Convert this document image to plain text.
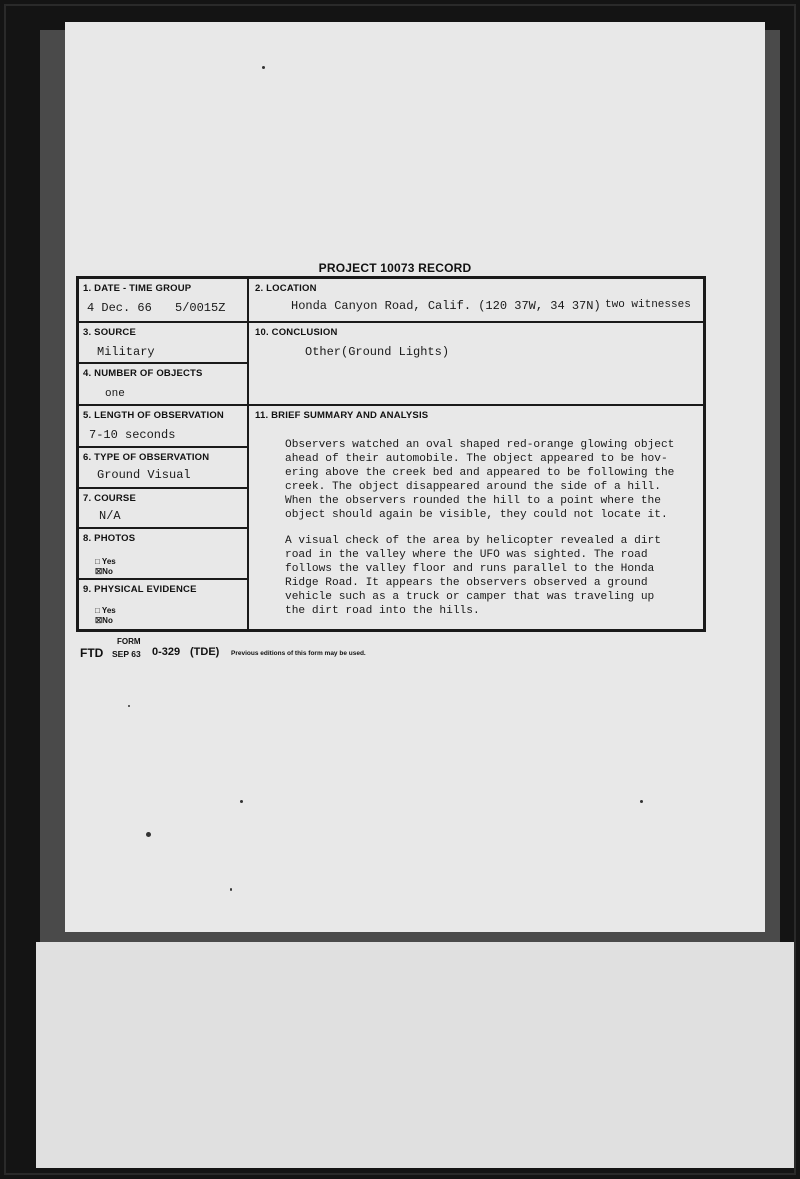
PROJECT 10073 RECORD
1. DATE - TIME GROUP
4 Dec. 66 5/0015Z
2. LOCATION
Honda Canyon Road, Calif. (120 37W, 34 37N) two witnesses
3. SOURCE
Military
10. CONCLUSION
Other(Ground Lights)
4. NUMBER OF OBJECTS
one
5. LENGTH OF OBSERVATION
7-10 seconds
6. TYPE OF OBSERVATION
Ground Visual
7. COURSE
N/A
8. PHOTOS
□ Yes
☒No
9. PHYSICAL EVIDENCE
□ Yes
☒No
11. BRIEF SUMMARY AND ANALYSIS
Observers watched an oval shaped red-orange glowing object
ahead of their automobile. The object appeared to be hov-
ering above the creek bed and appeared to be following the
creek. The object disappeared around the side of a hill.
When the observers rounded the hill to a point where the
object should again be visible, they could not locate it.
A visual check of the area by helicopter revealed a dirt
road in the valley where the UFO was sighted. The road
follows the valley floor and runs parallel to the Honda
Ridge Road. It appears the observers observed a ground
vehicle such as a truck or camper that was traveling up
the dirt road into the hills.
FORM
FTD SEP 63 0-329 (TDE) Previous editions of this form may be used.
